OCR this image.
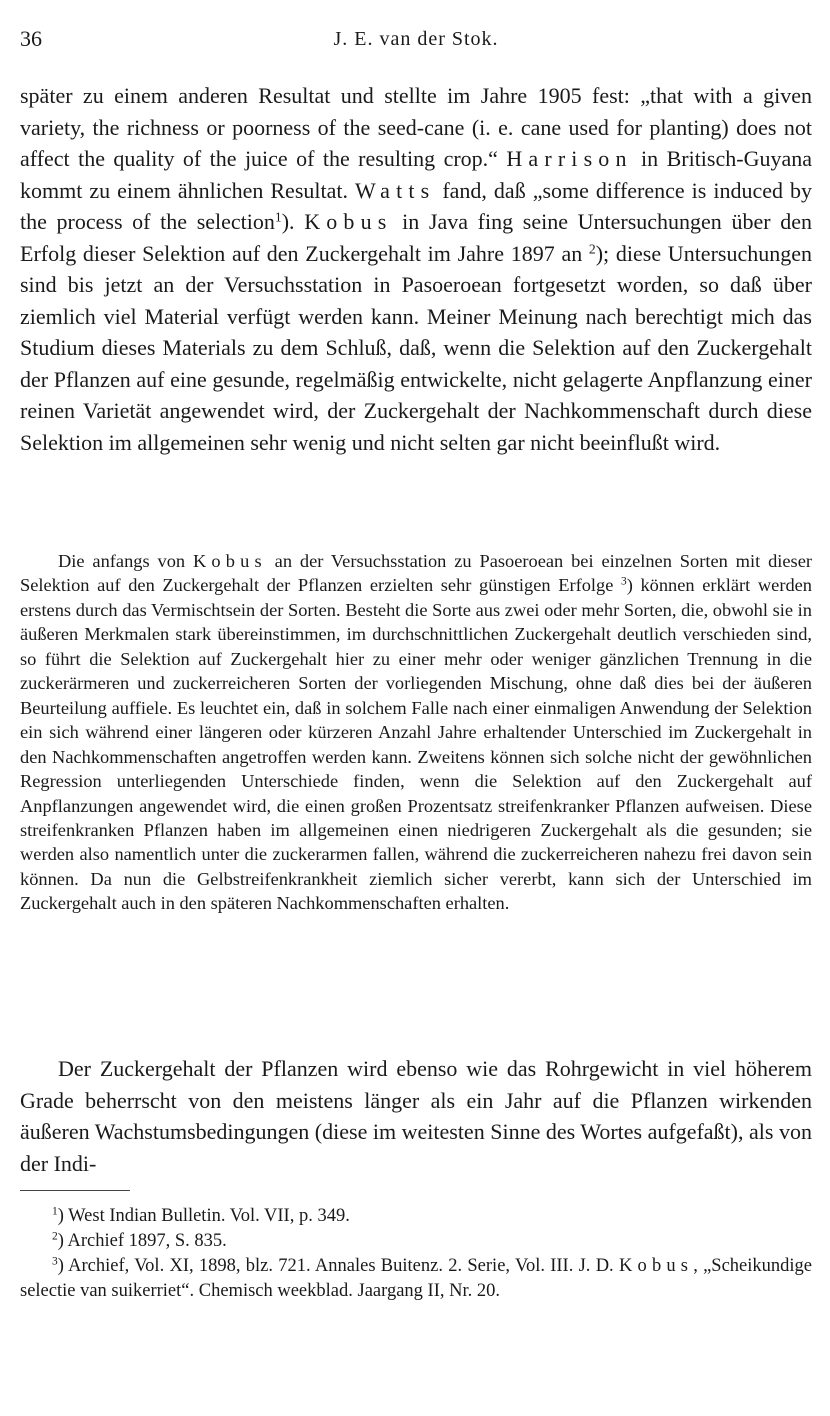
36	J. E. van der Stok.

später zu einem anderen Resultat und stellte im Jahre 1905 fest: „that with a given variety, the richness or poorness of the seed-cane (i. e. cane used for planting) does not affect the quality of the juice of the resulting crop.“ Harrison in Britisch-Guyana kommt zu einem ähnlichen Resultat. Watts fand, daß „some difference is induced by the process of the selection$^1$). Kobus in Java fing seine Untersuchungen über den Erfolg dieser Selektion auf den Zuckergehalt im Jahre 1897 an $^2$); diese Untersuchungen sind bis jetzt an der Versuchsstation in Pasoeroean fortgesetzt worden, so daß über ziemlich viel Material verfügt werden kann. Meiner Meinung nach berechtigt mich das Studium dieses Materials zu dem Schluß, daß, wenn die Selektion auf den Zuckergehalt der Pflanzen auf eine gesunde, regelmäßig entwickelte, nicht gelagerte Anpflanzung einer reinen Varietät angewendet wird, der Zuckergehalt der Nachkommenschaft durch diese Selektion im allgemeinen sehr wenig und nicht selten gar nicht beeinflußt wird.

Die anfangs von Kobus an der Versuchsstation zu Pasoeroean bei einzelnen Sorten mit dieser Selektion auf den Zuckergehalt der Pflanzen erzielten sehr günstigen Erfolge $^3$) können erklärt werden erstens durch das Vermischtsein der Sorten. Besteht die Sorte aus zwei oder mehr Sorten, die, obwohl sie in äußeren Merkmalen stark übereinstimmen, im durchschnittlichen Zuckergehalt deutlich verschieden sind, so führt die Selektion auf Zuckergehalt hier zu einer mehr oder weniger gänzlichen Trennung in die zuckerärmeren und zuckerreicheren Sorten der vorliegenden Mischung, ohne daß dies bei der äußeren Beurteilung auffiele. Es leuchtet ein, daß in solchem Falle nach einer einmaligen Anwendung der Selektion ein sich während einer längeren oder kürzeren Anzahl Jahre erhaltender Unterschied im Zuckergehalt in den Nachkommenschaften angetroffen werden kann. Zweitens können sich solche nicht der gewöhnlichen Regression unterliegenden Unterschiede finden, wenn die Selektion auf den Zuckergehalt auf Anpflanzungen angewendet wird, die einen großen Prozentsatz streifenkranker Pflanzen aufweisen. Diese streifenkranken Pflanzen haben im allgemeinen einen niedrigeren Zuckergehalt als die gesunden; sie werden also namentlich unter die zuckerarmen fallen, während die zuckerreicheren nahezu frei davon sein können. Da nun die Gelbstreifenkrankheit ziemlich sicher vererbt, kann sich der Unterschied im Zuckergehalt auch in den späteren Nachkommenschaften erhalten.

Der Zuckergehalt der Pflanzen wird ebenso wie das Rohrgewicht in viel höherem Grade beherrscht von den meistens länger als ein Jahr auf die Pflanzen wirkenden äußeren Wachstumsbedingungen (diese im weitesten Sinne des Wortes aufgefaßt), als von der Indi-

$^1$) West Indian Bulletin. Vol. VII, p. 349.

$^2$) Archief 1897, S. 835.

$^3$) Archief, Vol. XI, 1898, blz. 721. Annales Buitenz. 2. Serie, Vol. III. J. D. Kobus, „Scheikundige selectie van suikerriet“. Chemisch weekblad. Jaargang II, Nr. 20.
